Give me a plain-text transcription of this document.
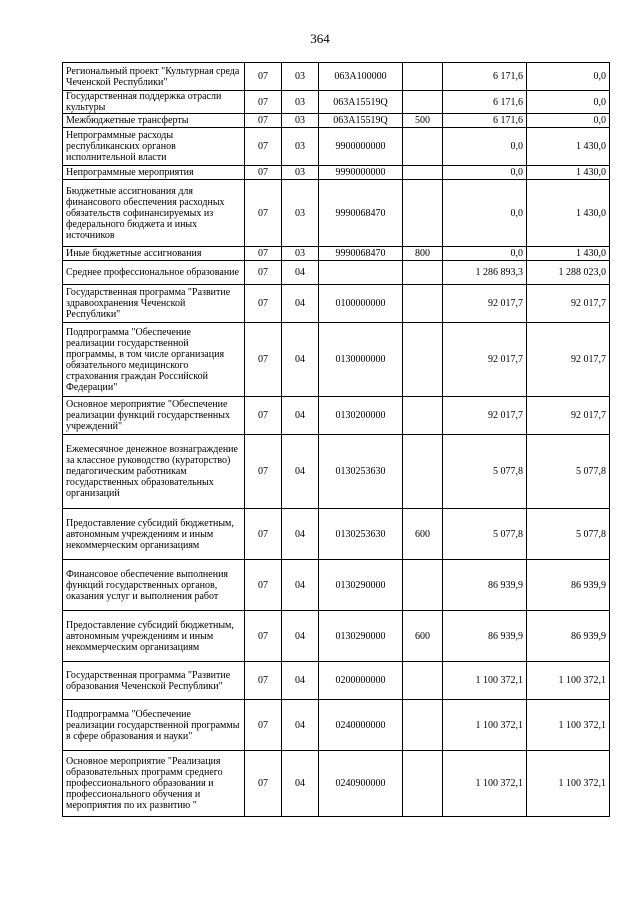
364
Региональный проект "Культурная среда Чеченской Республики"	07	03	063A100000		6 171,6	0,0
Государственная поддержка отрасли культуры	07	03	063A15519Q		6 171,6	0,0
Межбюджетные трансферты	07	03	063A15519Q	500	6 171,6	0,0
Непрограммные расходы республиканских органов исполнительной власти	07	03	9900000000		0,0	1 430,0
Непрограммные мероприятия	07	03	9990000000		0,0	1 430,0
Бюджетные ассигнования для финансового обеспечения расходных обязательств софинансируемых из федерального бюджета и иных источников	07	03	9990068470		0,0	1 430,0
Иные бюджетные ассигнования	07	03	9990068470	800	0,0	1 430,0
Среднее профессиональное образование	07	04			1 286 893,3	1 288 023,0
Государственная программа "Развитие здравоохранения Чеченской Республики"	07	04	0100000000		92 017,7	92 017,7
Подпрограмма "Обеспечение реализации государственной программы, в том числе организация обязательного медицинского страхования граждан Российской Федерации"	07	04	0130000000		92 017,7	92 017,7
Основное мероприятие "Обеспечение реализации функций государственных учреждений"	07	04	0130200000		92 017,7	92 017,7
Ежемесячное денежное вознаграждение за классное руководство (кураторство) педагогическим работникам государственных образовательных организаций	07	04	0130253630		5 077,8	5 077,8
Предоставление субсидий бюджетным, автономным учреждениям и иным некоммерческим организациям	07	04	0130253630	600	5 077,8	5 077,8
Финансовое обеспечение выполнения функций государственных органов, оказания услуг и выполнения работ	07	04	0130290000		86 939,9	86 939,9
Предоставление субсидий бюджетным, автономным учреждениям и иным некоммерческим организациям	07	04	0130290000	600	86 939,9	86 939,9
Государственная программа "Развитие образования Чеченской Республики"	07	04	0200000000		1 100 372,1	1 100 372,1
Подпрограмма "Обеспечение реализации государственной программы в сфере образования и науки"	07	04	0240000000		1 100 372,1	1 100 372,1
Основное мероприятие "Реализация образовательных программ среднего профессионального образования и профессионального обучения и мероприятия по их развитию "	07	04	0240900000		1 100 372,1	1 100 372,1
